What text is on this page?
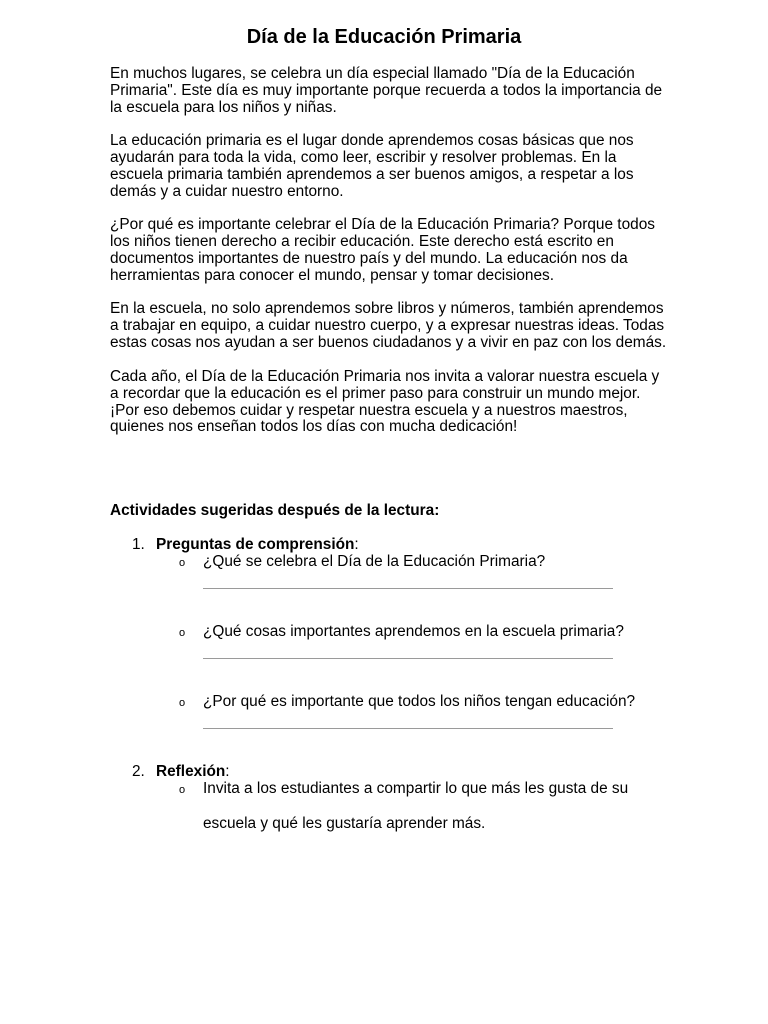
Día de la Educación Primaria

En muchos lugares, se celebra un día especial llamado "Día de la Educación Primaria". Este día es muy importante porque recuerda a todos la importancia de la escuela para los niños y niñas.

La educación primaria es el lugar donde aprendemos cosas básicas que nos ayudarán para toda la vida, como leer, escribir y resolver problemas. En la escuela primaria también aprendemos a ser buenos amigos, a respetar a los demás y a cuidar nuestro entorno.

¿Por qué es importante celebrar el Día de la Educación Primaria? Porque todos los niños tienen derecho a recibir educación. Este derecho está escrito en documentos importantes de nuestro país y del mundo. La educación nos da herramientas para conocer el mundo, pensar y tomar decisiones.

En la escuela, no solo aprendemos sobre libros y números, también aprendemos a trabajar en equipo, a cuidar nuestro cuerpo, y a expresar nuestras ideas. Todas estas cosas nos ayudan a ser buenos ciudadanos y a vivir en paz con los demás.

Cada año, el Día de la Educación Primaria nos invita a valorar nuestra escuela y a recordar que la educación es el primer paso para construir un mundo mejor. ¡Por eso debemos cuidar y respetar nuestra escuela y a nuestros maestros, quienes nos enseñan todos los días con mucha dedicación!

Actividades sugeridas después de la lectura:
1. Preguntas de comprensión:
o ¿Qué se celebra el Día de la Educación Primaria?
o ¿Qué cosas importantes aprendemos en la escuela primaria?
o ¿Por qué es importante que todos los niños tengan educación?
2. Reflexión:
o Invita a los estudiantes a compartir lo que más les gusta de su
escuela y qué les gustaría aprender más.
